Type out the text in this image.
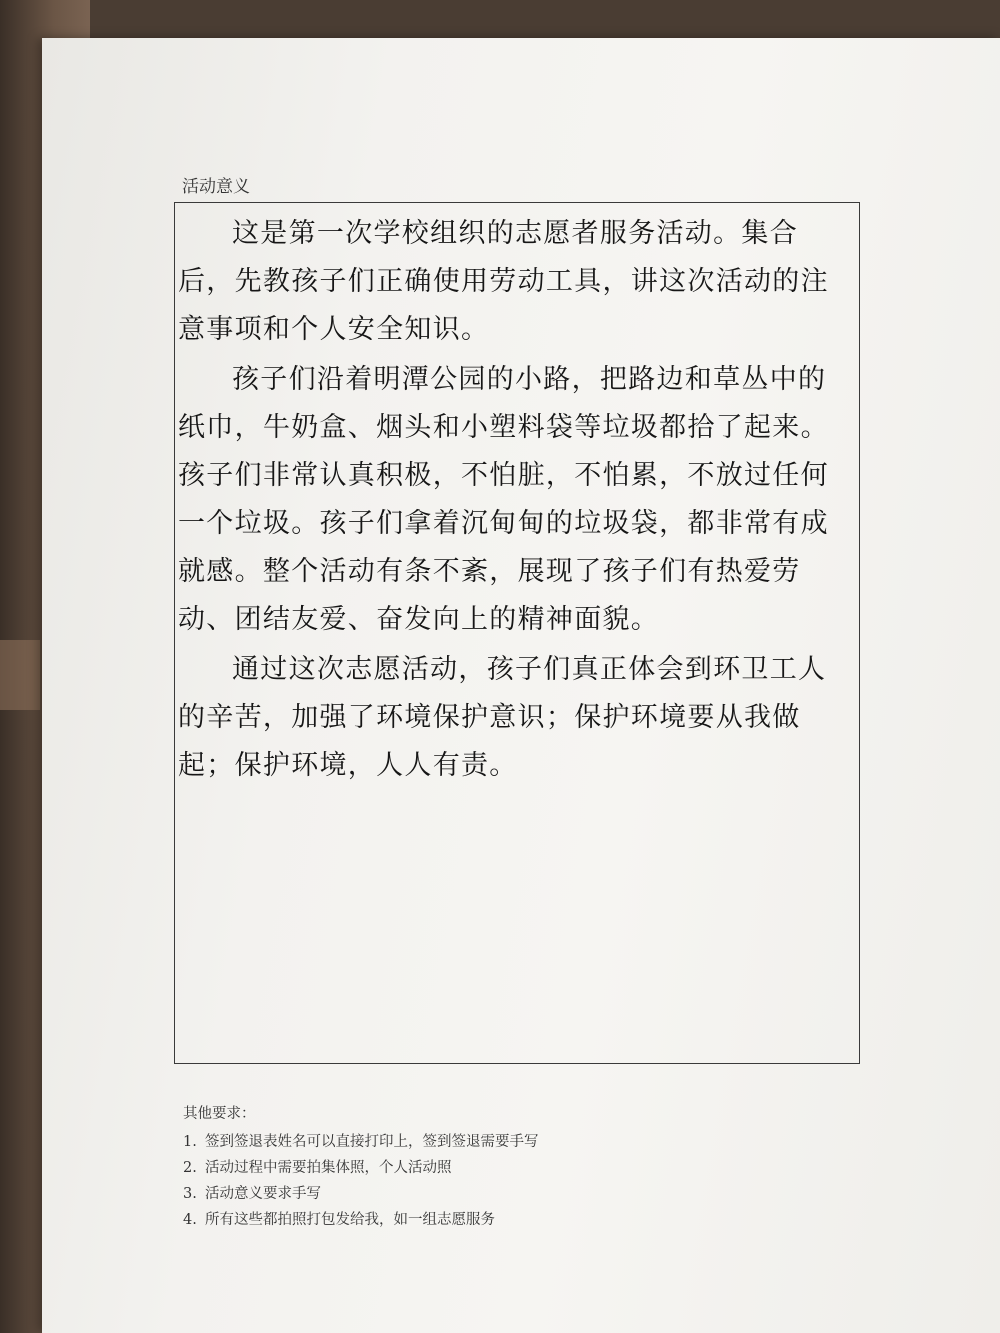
活动意义

这是第一次学校组织的志愿者服务活动。集合后，先教孩子们正确使用劳动工具，讲这次活动的注意事项和个人安全知识。

孩子们沿着明潭公园的小路，把路边和草丛中的纸巾，牛奶盒、烟头和小塑料袋等垃圾都拾了起来。孩子们非常认真积极，不怕脏，不怕累，不放过任何一个垃圾。孩子们拿着沉甸甸的垃圾袋，都非常有成就感。整个活动有条不紊，展现了孩子们有热爱劳动、团结友爱、奋发向上的精神面貌。

通过这次志愿活动，孩子们真正体会到环卫工人的辛苦，加强了环境保护意识；保护环境要从我做起；保护环境，人人有责。

其他要求：
1. 签到签退表姓名可以直接打印上，签到签退需要手写
2. 活动过程中需要拍集体照，个人活动照
3. 活动意义要求手写
4. 所有这些都拍照打包发给我，如一组志愿服务
